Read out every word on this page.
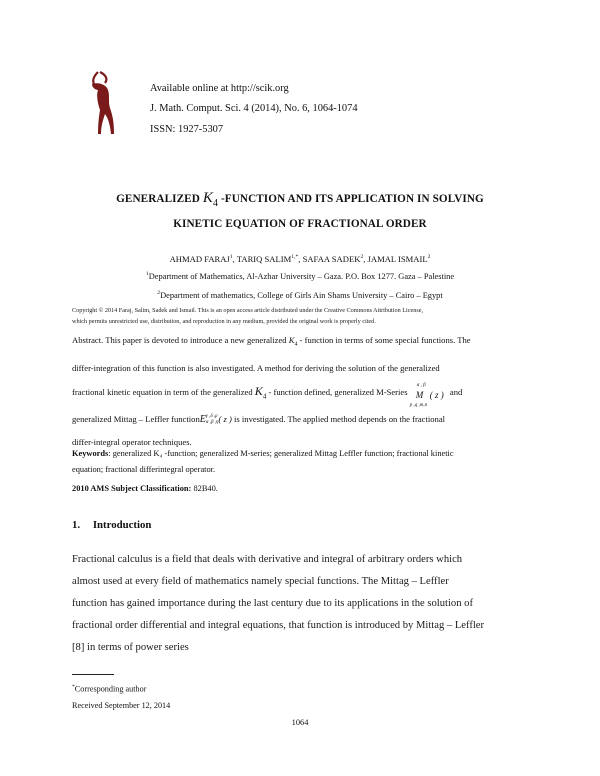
Available online at http://scik.org
J. Math. Comput. Sci. 4 (2014), No. 6, 1064-1074
ISSN: 1927-5307
GENERALIZED $K_4$ -FUNCTION AND ITS APPLICATION IN SOLVING
KINETIC EQUATION OF FRACTIONAL ORDER
AHMAD FARAJ$^1$, TARIQ $SALIM^{1,*}$, SAFAA SADEK$^2$, JAMAL ISMAIL$^2$
$^1$Department of Mathematics, Al-Azhar University – Gaza. P.O. Box 1277. Gaza – Palestine
$^2$Department of mathematics, College of Girls Ain Shams University – Cairo – Egypt
Copyright © 2014 Faraj, Salim, Sadek and Ismail. This is an open access article distributed under the Creative Commons Attribution License,
which permits unrestricted use, distribution, and reproduction in any medium, provided the original work is properly cited.
Abstract. This paper is devoted to introduce a new generalized $K_4$ - function in terms of some special functions. The
differ-integration of this function is also investigated. A method for deriving the solution of the generalized
fractional kinetic equation in term of the generalized $K_4$ - function defined, generalized M-Series
α , β
M
p ,q ,m,n
( z ) and
generalized Mittag – Leffler functionEγ ,δ ,ρ
α ,β ,η( z ) is investigated. The applied method depends on the fractional
differ-integral operator techniques.
Keywords: generalized K₄ -function; generalized M-series; generalized Mittag Leffler function; fractional kinetic
equation; fractional differintegral operator.
2010 AMS Subject Classification: 82B40.
1. Introduction
Fractional calculus is a field that deals with derivative and integral of arbitrary orders which
almost used at every field of mathematics namely special functions. The Mittag – Leffler
function has gained importance during the last century due to its applications in the solution of
fractional order differential and integral equations, that function is introduced by Mittag – Leffler
[8] in terms of power series
*Corresponding author
Received September 12, 2014
1064
